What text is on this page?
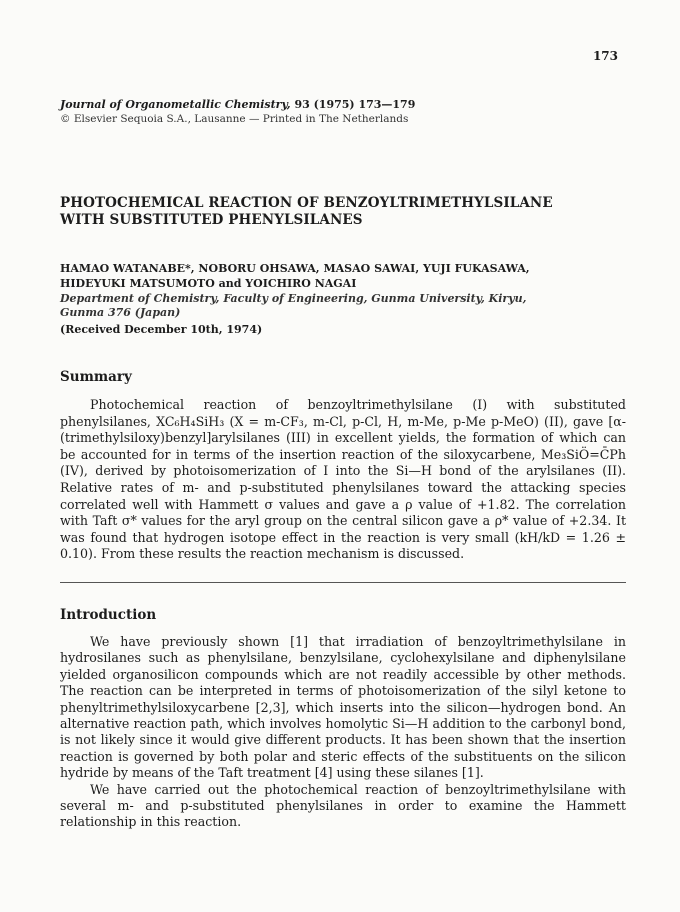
173
Journal of Organometallic Chemistry, 93 (1975) 173—179
© Elsevier Sequoia S.A., Lausanne — Printed in The Netherlands
PHOTOCHEMICAL REACTION OF BENZOYLTRIMETHYLSILANE
WITH SUBSTITUTED PHENYLSILANES
HAMAO WATANABE*, NOBORU OHSAWA, MASAO SAWAI, YUJI FUKASAWA,
HIDEYUKI MATSUMOTO and YOICHIRO NAGAI
Department of Chemistry, Faculty of Engineering, Gunma University, Kiryu,
Gunma 376 (Japan)
(Received December 10th, 1974)
Summary

Photochemical reaction of benzoyltrimethylsilane (I) with substituted phenylsilanes, XC₆H₄SiH₃ (X = m-CF₃, m-Cl, p-Cl, H, m-Me, p-Me p-MeO) (II), gave [α-(trimethylsiloxy)benzyl]arylsilanes (III) in excellent yields, the formation of which can be accounted for in terms of the insertion reaction of the siloxycarbene, Me₃SiÖ=C̄Ph (IV), derived by photoisomerization of I into the Si—H bond of the arylsilanes (II). Relative rates of m- and p-substituted phenylsilanes toward the attacking species correlated well with Hammett σ values and gave a ρ value of +1.82. The correlation with Taft σ* values for the aryl group on the central silicon gave a ρ* value of +2.34. It was found that hydrogen isotope effect in the reaction is very small (kH/kD = 1.26 ± 0.10). From these results the reaction mechanism is discussed.

Introduction

We have previously shown [1] that irradiation of benzoyltrimethylsilane in hydrosilanes such as phenylsilane, benzylsilane, cyclohexylsilane and diphenylsilane yielded organosilicon compounds which are not readily accessible by other methods. The reaction can be interpreted in terms of photoisomerization of the silyl ketone to phenyltrimethylsiloxycarbene [2,3], which inserts into the silicon—hydrogen bond. An alternative reaction path, which involves homolytic Si—H addition to the carbonyl bond, is not likely since it would give different products. It has been shown that the insertion reaction is governed by both polar and steric effects of the substituents on the silicon hydride by means of the Taft treatment [4] using these silanes [1].

We have carried out the photochemical reaction of benzoyltrimethylsilane with several m- and p-substituted phenylsilanes in order to examine the Hammett relationship in this reaction.
